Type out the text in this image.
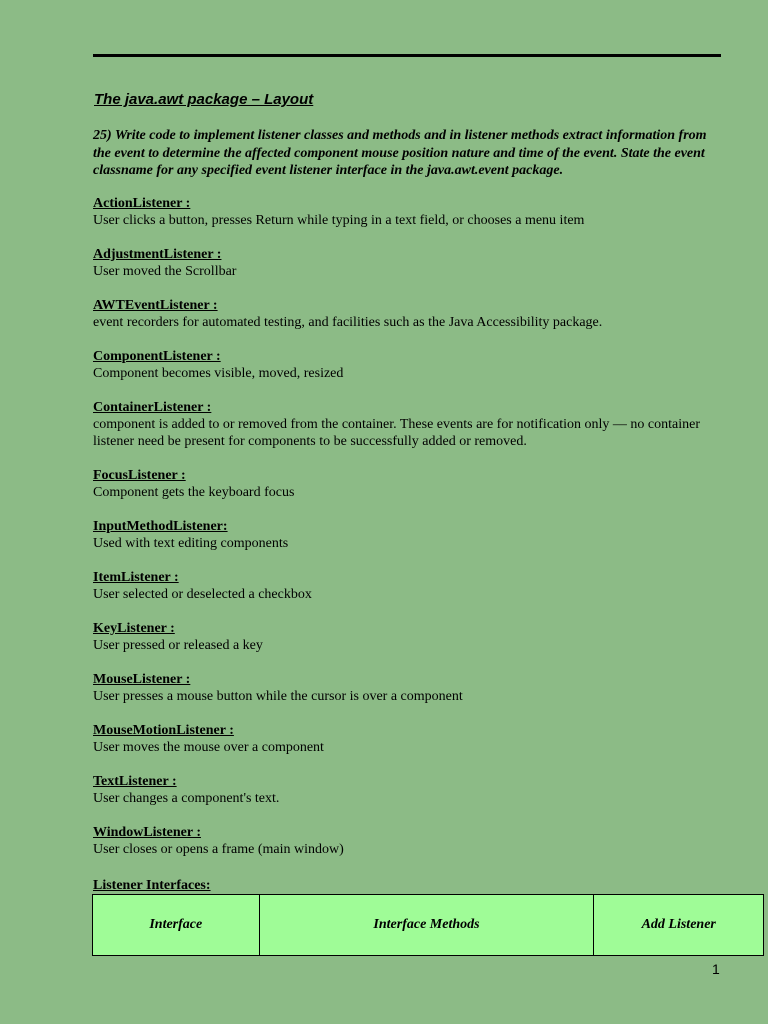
The java.awt package – Layout
25) Write code to implement listener classes and methods and in listener methods extract information from the event to determine the affected component mouse position nature and time of the event. State the event classname for any specified event listener interface in the java.awt.event package.
ActionListener :
User clicks a button, presses Return while typing in a text field, or chooses a menu item
AdjustmentListener :
User moved the Scrollbar
AWTEventListener :
event recorders for automated testing, and facilities such as the Java Accessibility package.
ComponentListener :
Component becomes visible, moved, resized
ContainerListener :
component is added to or removed from the container. These events are for notification only –– no container listener need be present for components to be successfully added or removed.
FocusListener :
Component gets the keyboard focus
InputMethodListener:
Used with text editing components
ItemListener :
User selected or deselected a checkbox
KeyListener :
User pressed or released a key
MouseListener :
User presses a mouse button while the cursor is over a component
MouseMotionListener :
User moves the mouse over a component
TextListener :
User changes a component's text.
WindowListener :
User closes or opens a frame (main window)
Listener Interfaces:
Interface	Interface Methods	Add Listener
1
